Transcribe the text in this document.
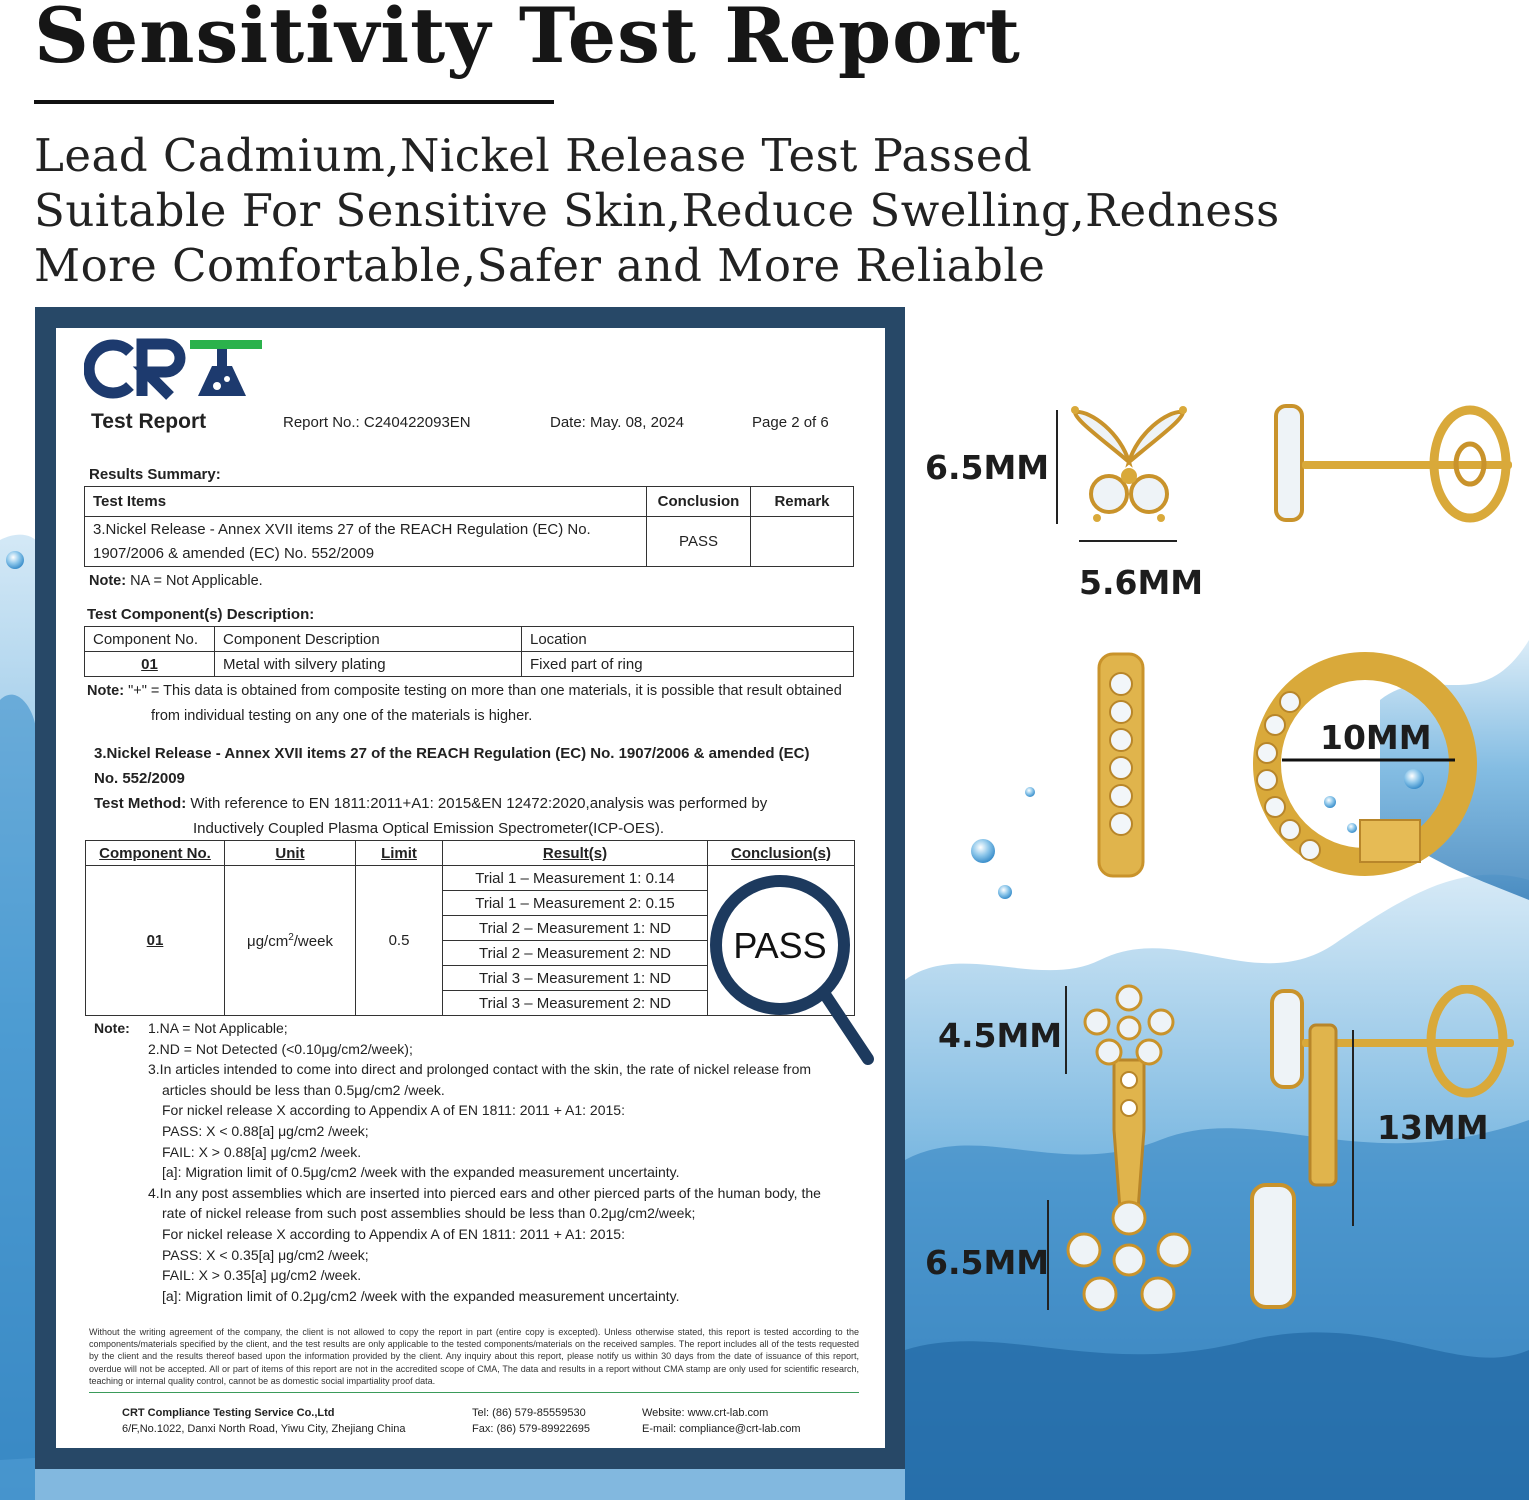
Sensitivity Test Report
Lead Cadmium,Nickel Release Test Passed
Suitable For Sensitive Skin,Reduce Swelling,Redness
More Comfortable,Safer and More Reliable
Test Report	Report No.: C240422093EN	Date: May. 08, 2024	Page 2 of 6
Results Summary:
Test Items	Conclusion	Remark
3.Nickel Release - Annex XVII items 27 of the REACH Regulation (EC) No.
1907/2006 & amended (EC) No. 552/2009	PASS	
Note: NA = Not Applicable.
Test Component(s) Description:
Component No.	Component Description	Location
01	Metal with silvery plating	Fixed part of ring
Note: "+" = This data is obtained from composite testing on more than one materials, it is possible that result obtained
from individual testing on any one of the materials is higher.
3.Nickel Release - Annex XVII items 27 of the REACH Regulation (EC) No. 1907/2006 & amended (EC)
No. 552/2009
Test Method: With reference to EN 1811:2011+A1: 2015&EN 12472:2020,analysis was performed by
Inductively Coupled Plasma Optical Emission Spectrometer(ICP-OES).
Component No.	Unit	Limit	Result(s)	Conclusion(s)
01	$\mu g/cm^2$/week	0.5	Trial 1 – Measurement 1: 0.14	
			Trial 1 – Measurement 2: 0.15	
			Trial 2 – Measurement 1: ND	
			Trial 2 – Measurement 2: ND	
			Trial 3 – Measurement 1: ND	
			Trial 3 – Measurement 2: ND	
PASS

Note: 1.NA = Not Applicable;

2.ND = Not Detected (<0.10μg/cm2/week);

3.In articles intended to come into direct and prolonged contact with the skin, the rate of nickel release from

articles should be less than 0.5μg/cm2 /week.

For nickel release X according to Appendix A of EN 1811: 2011 + A1: 2015:

PASS: X < 0.88[a] μg/cm2 /week;

FAIL: X > 0.88[a] μg/cm2 /week.

[a]: Migration limit of 0.5μg/cm2 /week with the expanded measurement uncertainty.

4.In any post assemblies which are inserted into pierced ears and other pierced parts of the human body, the

rate of nickel release from such post assemblies should be less than 0.2μg/cm2/week;

For nickel release X according to Appendix A of EN 1811: 2011 + A1: 2015:

PASS: X < 0.35[a] μg/cm2 /week;

FAIL: X > 0.35[a] μg/cm2 /week.

[a]: Migration limit of 0.2μg/cm2 /week with the expanded measurement uncertainty.

Without the writing agreement of the company, the client is not allowed to copy the report in part (entire copy is excepted). Unless otherwise stated, this report is tested according to the components/materials specified by the client, and the test results are only applicable to the tested components/materials on the received samples. The report includes all of the tests requested by the client and the results thereof based upon the information provided by the client. Any inquiry about this report, please notify us within 30 days from the date of issuance of this report, overdue will not be accepted. All or part of items of this report are not in the accredited scope of CMA, The data and results in a report without CMA stamp are only used for scientific research, teaching or internal quality control, cannot be as domestic social impartiality proof data.
CRT Compliance Testing Service Co.,Ltd
6/F,No.1022, Danxi North Road, Yiwu City, Zhejiang China
Tel: (86) 579-85559530
Fax: (86) 579-89922695
Website: www.crt-lab.com
E-mail: compliance@crt-lab.com
6.5MM
5.6MM
10MM
4.5MM
6.5MM
13MM
